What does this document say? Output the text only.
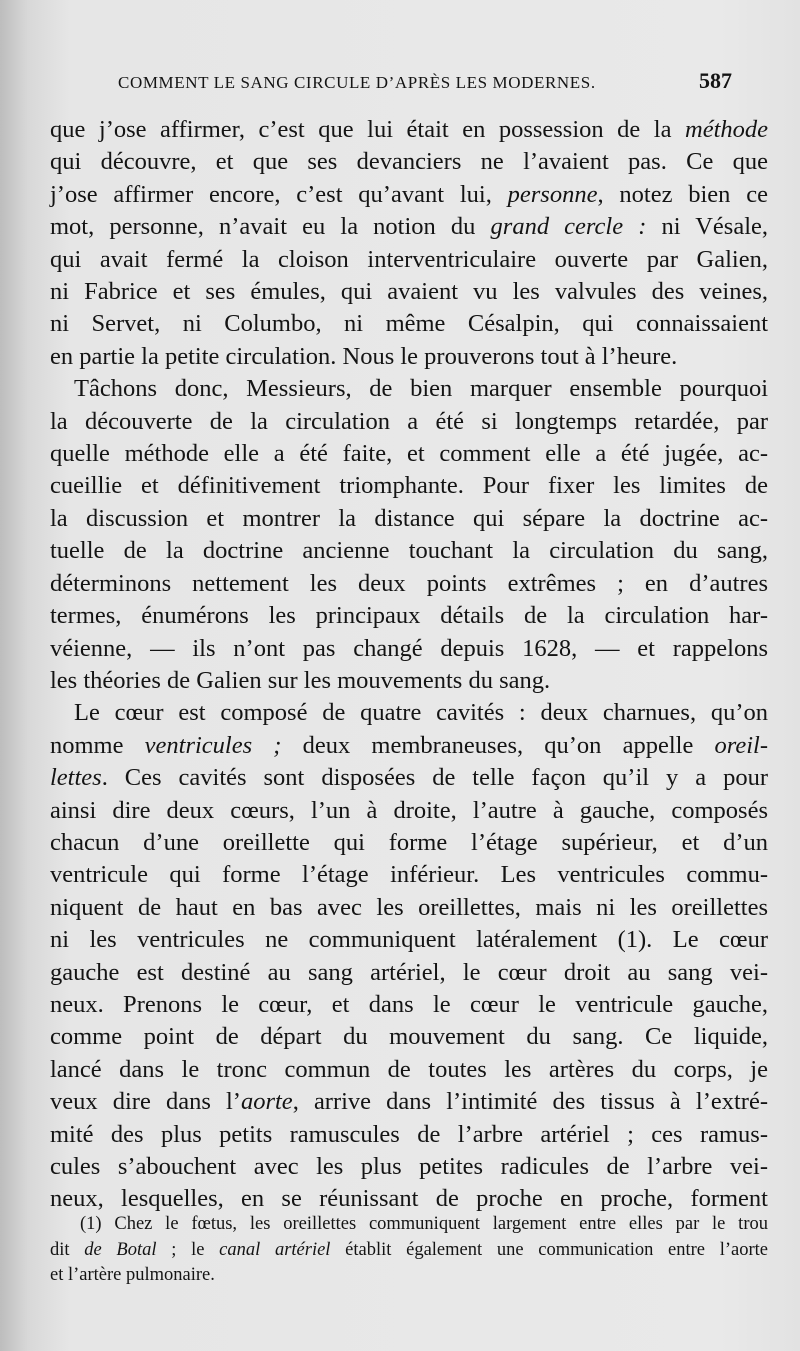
COMMENT LE SANG CIRCULE D’APRÈS LES MODERNES.	587
que j’ose affirmer, c’est que lui était en possession de la méthode
qui découvre, et que ses devanciers ne l’avaient pas. Ce que
j’ose affirmer encore, c’est qu’avant lui, personne, notez bien ce
mot, personne, n’avait eu la notion du grand cercle : ni Vésale,
qui avait fermé la cloison interventriculaire ouverte par Galien,
ni Fabrice et ses émules, qui avaient vu les valvules des veines,
ni Servet, ni Columbo, ni même Césalpin, qui connaissaient
en partie la petite circulation. Nous le prouverons tout à l’heure.
Tâchons donc, Messieurs, de bien marquer ensemble pourquoi
la découverte de la circulation a été si longtemps retardée, par
quelle méthode elle a été faite, et comment elle a été jugée, ac-
cueillie et définitivement triomphante. Pour fixer les limites de
la discussion et montrer la distance qui sépare la doctrine ac-
tuelle de la doctrine ancienne touchant la circulation du sang,
déterminons nettement les deux points extrêmes ; en d’autres
termes, énumérons les principaux détails de la circulation har-
véienne, — ils n’ont pas changé depuis 1628, — et rappelons
les théories de Galien sur les mouvements du sang.
Le cœur est composé de quatre cavités : deux charnues, qu’on
nomme ventricules ; deux membraneuses, qu’on appelle oreil-
lettes. Ces cavités sont disposées de telle façon qu’il y a pour
ainsi dire deux cœurs, l’un à droite, l’autre à gauche, composés
chacun d’une oreillette qui forme l’étage supérieur, et d’un
ventricule qui forme l’étage inférieur. Les ventricules commu-
niquent de haut en bas avec les oreillettes, mais ni les oreillettes
ni les ventricules ne communiquent latéralement (1). Le cœur
gauche est destiné au sang artériel, le cœur droit au sang vei-
neux. Prenons le cœur, et dans le cœur le ventricule gauche,
comme point de départ du mouvement du sang. Ce liquide,
lancé dans le tronc commun de toutes les artères du corps, je
veux dire dans l’aorte, arrive dans l’intimité des tissus à l’extré-
mité des plus petits ramuscules de l’arbre artériel ; ces ramus-
cules s’abouchent avec les plus petites radicules de l’arbre vei-
neux, lesquelles, en se réunissant de proche en proche, forment
(1) Chez le fœtus, les oreillettes communiquent largement entre elles par le trou
dit de Botal ; le canal artériel établit également une communication entre l’aorte
et l’artère pulmonaire.
